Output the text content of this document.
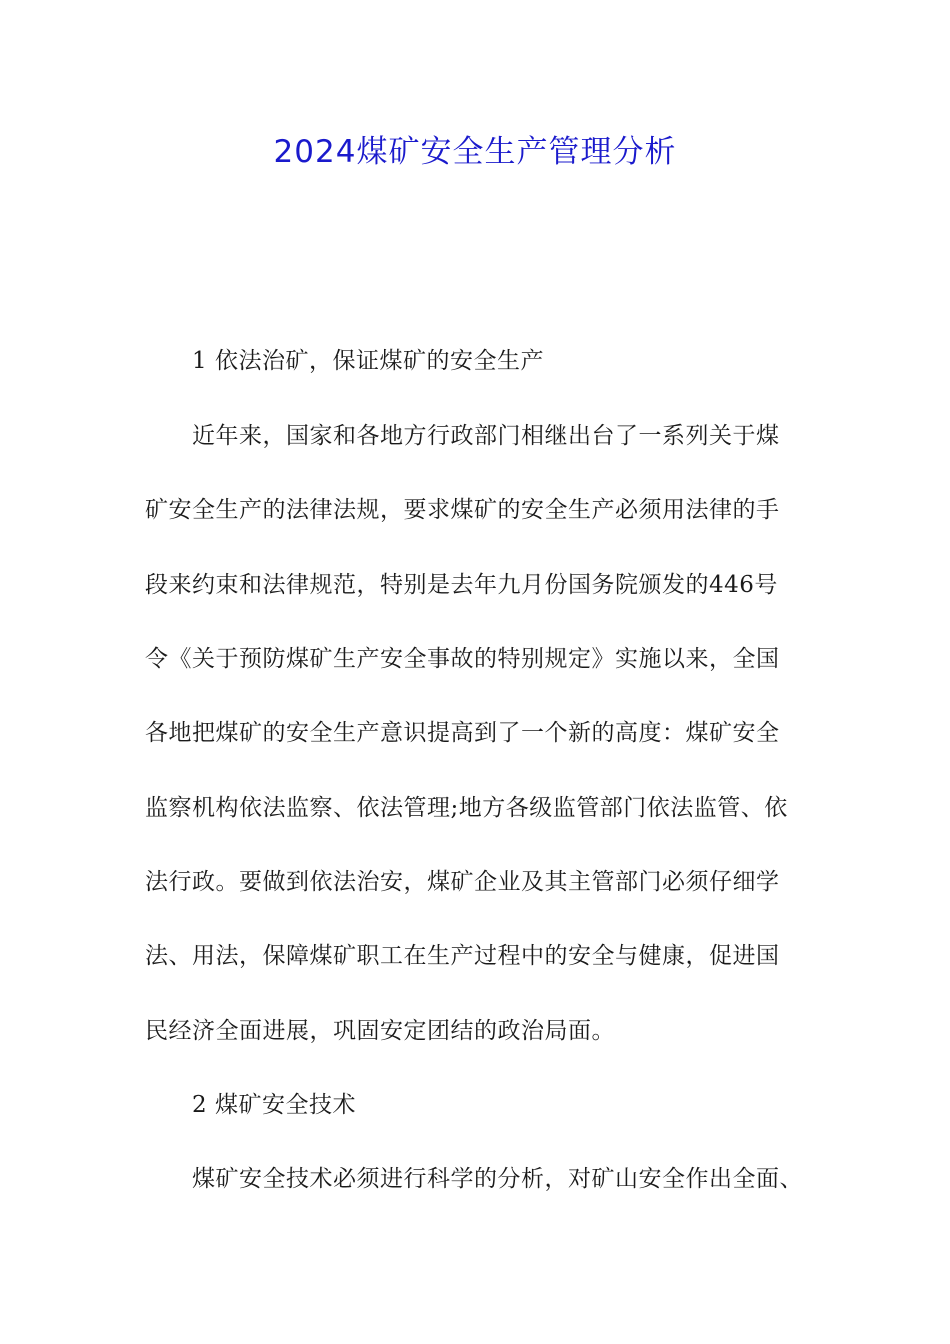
2024煤矿安全生产管理分析
1 依法治矿，保证煤矿的安全生产
近年来，国家和各地方行政部门相继出台了一系列关于煤
矿安全生产的法律法规，要求煤矿的安全生产必须用法律的手
段来约束和法律规范，特别是去年九月份国务院颁发的446号
令《关于预防煤矿生产安全事故的特别规定》实施以来，全国
各地把煤矿的安全生产意识提高到了一个新的高度：煤矿安全
监察机构依法监察、依法管理;地方各级监管部门依法监管、依
法行政。要做到依法治安，煤矿企业及其主管部门必须仔细学
法、用法，保障煤矿职工在生产过程中的安全与健康，促进国
民经济全面进展，巩固安定团结的政治局面。
2 煤矿安全技术
煤矿安全技术必须进行科学的分析，对矿山安全作出全面、
